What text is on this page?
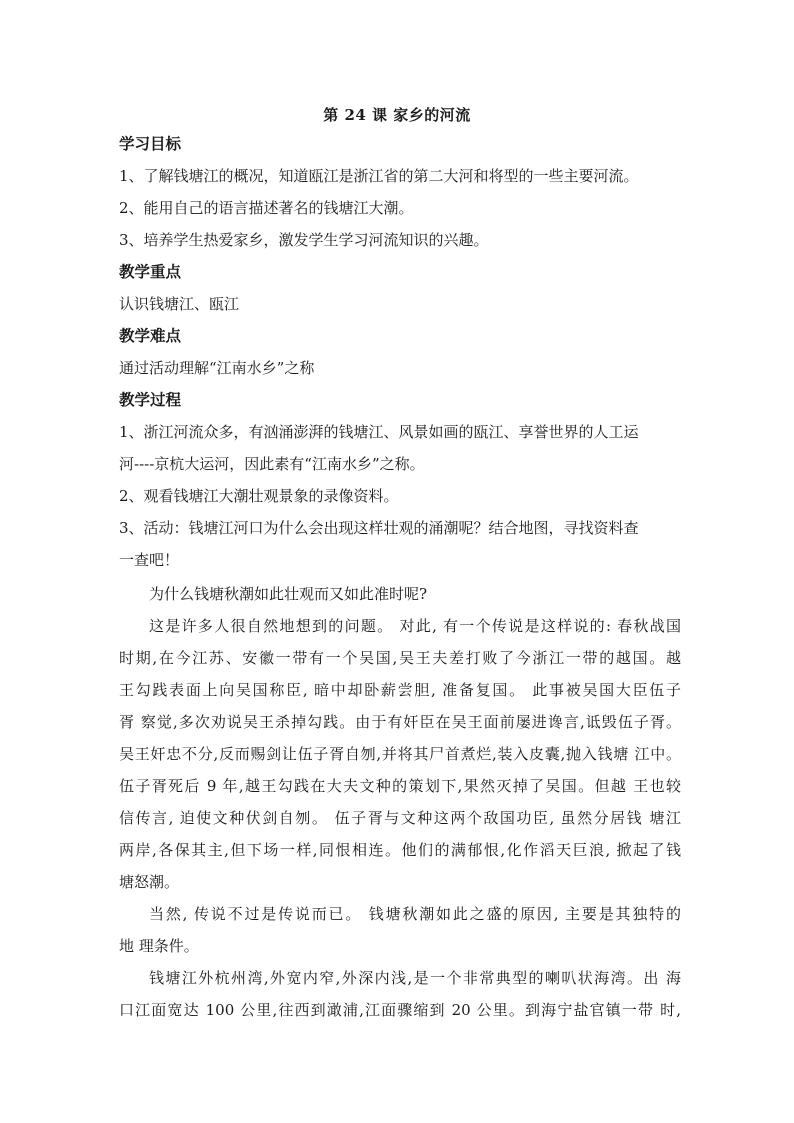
第 24 课 家乡的河流
学习目标
1、了解钱塘江的概况，知道瓯江是浙江省的第二大河和将型的一些主要河流。
2、能用自己的语言描述著名的钱塘江大潮。
3、培养学生热爱家乡，激发学生学习河流知识的兴趣。
教学重点
认识钱塘江、瓯江
教学难点
通过活动理解“江南水乡”之称
教学过程
1、浙江河流众多，有汹涌澎湃的钱塘江、风景如画的瓯江、享誉世界的人工运
河----京杭大运河，因此素有“江南水乡”之称。
2、观看钱塘江大潮壮观景象的录像资料。
3、活动：钱塘江河口为什么会出现这样壮观的涌潮呢？结合地图，寻找资料查
一查吧！
为什么钱塘秋潮如此壮观而又如此准时呢?
这是许多人很自然地想到的问题。 对此, 有一个传说是这样说的: 春秋战国
时期,在今江苏、安徽一带有一个吴国,吴王夫差打败了今浙江一带的越国。越
王勾践表面上向吴国称臣, 暗中却卧薪尝胆, 准备复国。 此事被吴国大臣伍子
胥 察觉,多次劝说吴王杀掉勾践。由于有奸臣在吴王面前屡进谗言,诋毁伍子胥。
吴王奸忠不分,反而赐剑让伍子胥自刎,并将其尸首煮烂,装入皮囊,抛入钱塘 江中。
伍子胥死后 9 年,越王勾践在大夫文种的策划下,果然灭掉了吴国。但越 王也较
信传言, 迫使文种伏剑自刎。 伍子胥与文种这两个敌国功臣, 虽然分居钱 塘江
两岸,各保其主,但下场一样,同恨相连。他们的满郁恨,化作滔天巨浪, 掀起了钱
塘怒潮。
当然, 传说不过是传说而已。 钱塘秋潮如此之盛的原因, 主要是其独特的
地 理条件。
钱塘江外杭州湾,外宽内窄,外深内浅,是一个非常典型的喇叭状海湾。出 海
口江面宽达 100 公里,往西到澉浦,江面骤缩到 20 公里。到海宁盐官镇一带 时,
